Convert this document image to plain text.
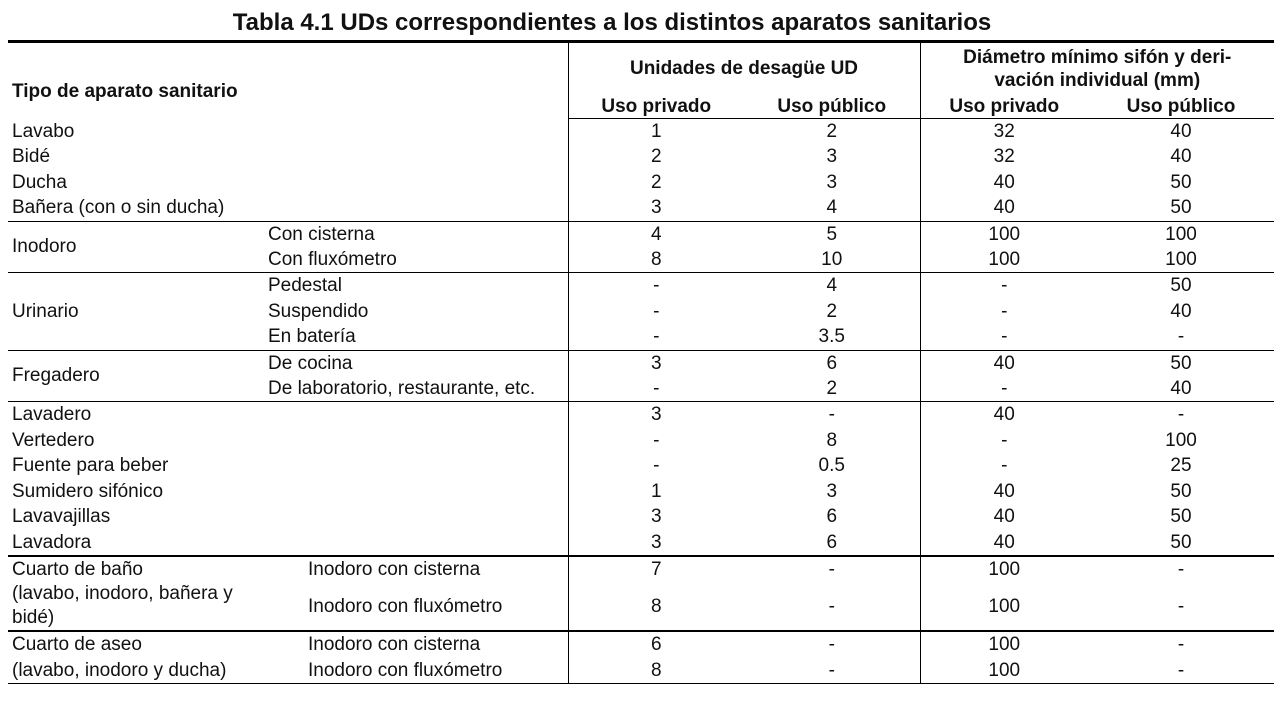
Tabla 4.1 UDs correspondientes a los distintos aparatos sanitarios
Tipo de aparato sanitario		Unidades de desagüe UD		Diámetro mínimo sifón y deri-
vación individual (mm)	

		Uso privado	Uso público	Uso privado	Uso público
Lavabo		1	2	32	40
Bidé		2	3	32	40
Ducha		2	3	40	50
Bañera (con o sin ducha)		3	4	40	50
Inodoro	Con cisterna	4	5	100	100
	Con fluxómetro	8	10	100	100
Urinario	Pedestal	-	4	-	50
	Suspendido	-	2	-	40
	En batería	-	3.5	-	-
Fregadero	De cocina	3	6	40	50
	De laboratorio, restaurante, etc.	-	2	-	40
Lavadero		3	-	40	-
Vertedero		-	8	-	100
Fuente para beber		-	0.5	-	25
Sumidero sifónico		1	3	40	50
Lavavajillas		3	6	40	50
Lavadora		3	6	40	50
Cuarto de baño	Inodoro con cisterna	7	-	100	-
(lavabo, inodoro, bañera y bidé)	Inodoro con fluxómetro	8	-	100	-
Cuarto de aseo	Inodoro con cisterna	6	-	100	-
(lavabo, inodoro y ducha)	Inodoro con fluxómetro	8	-	100	-
